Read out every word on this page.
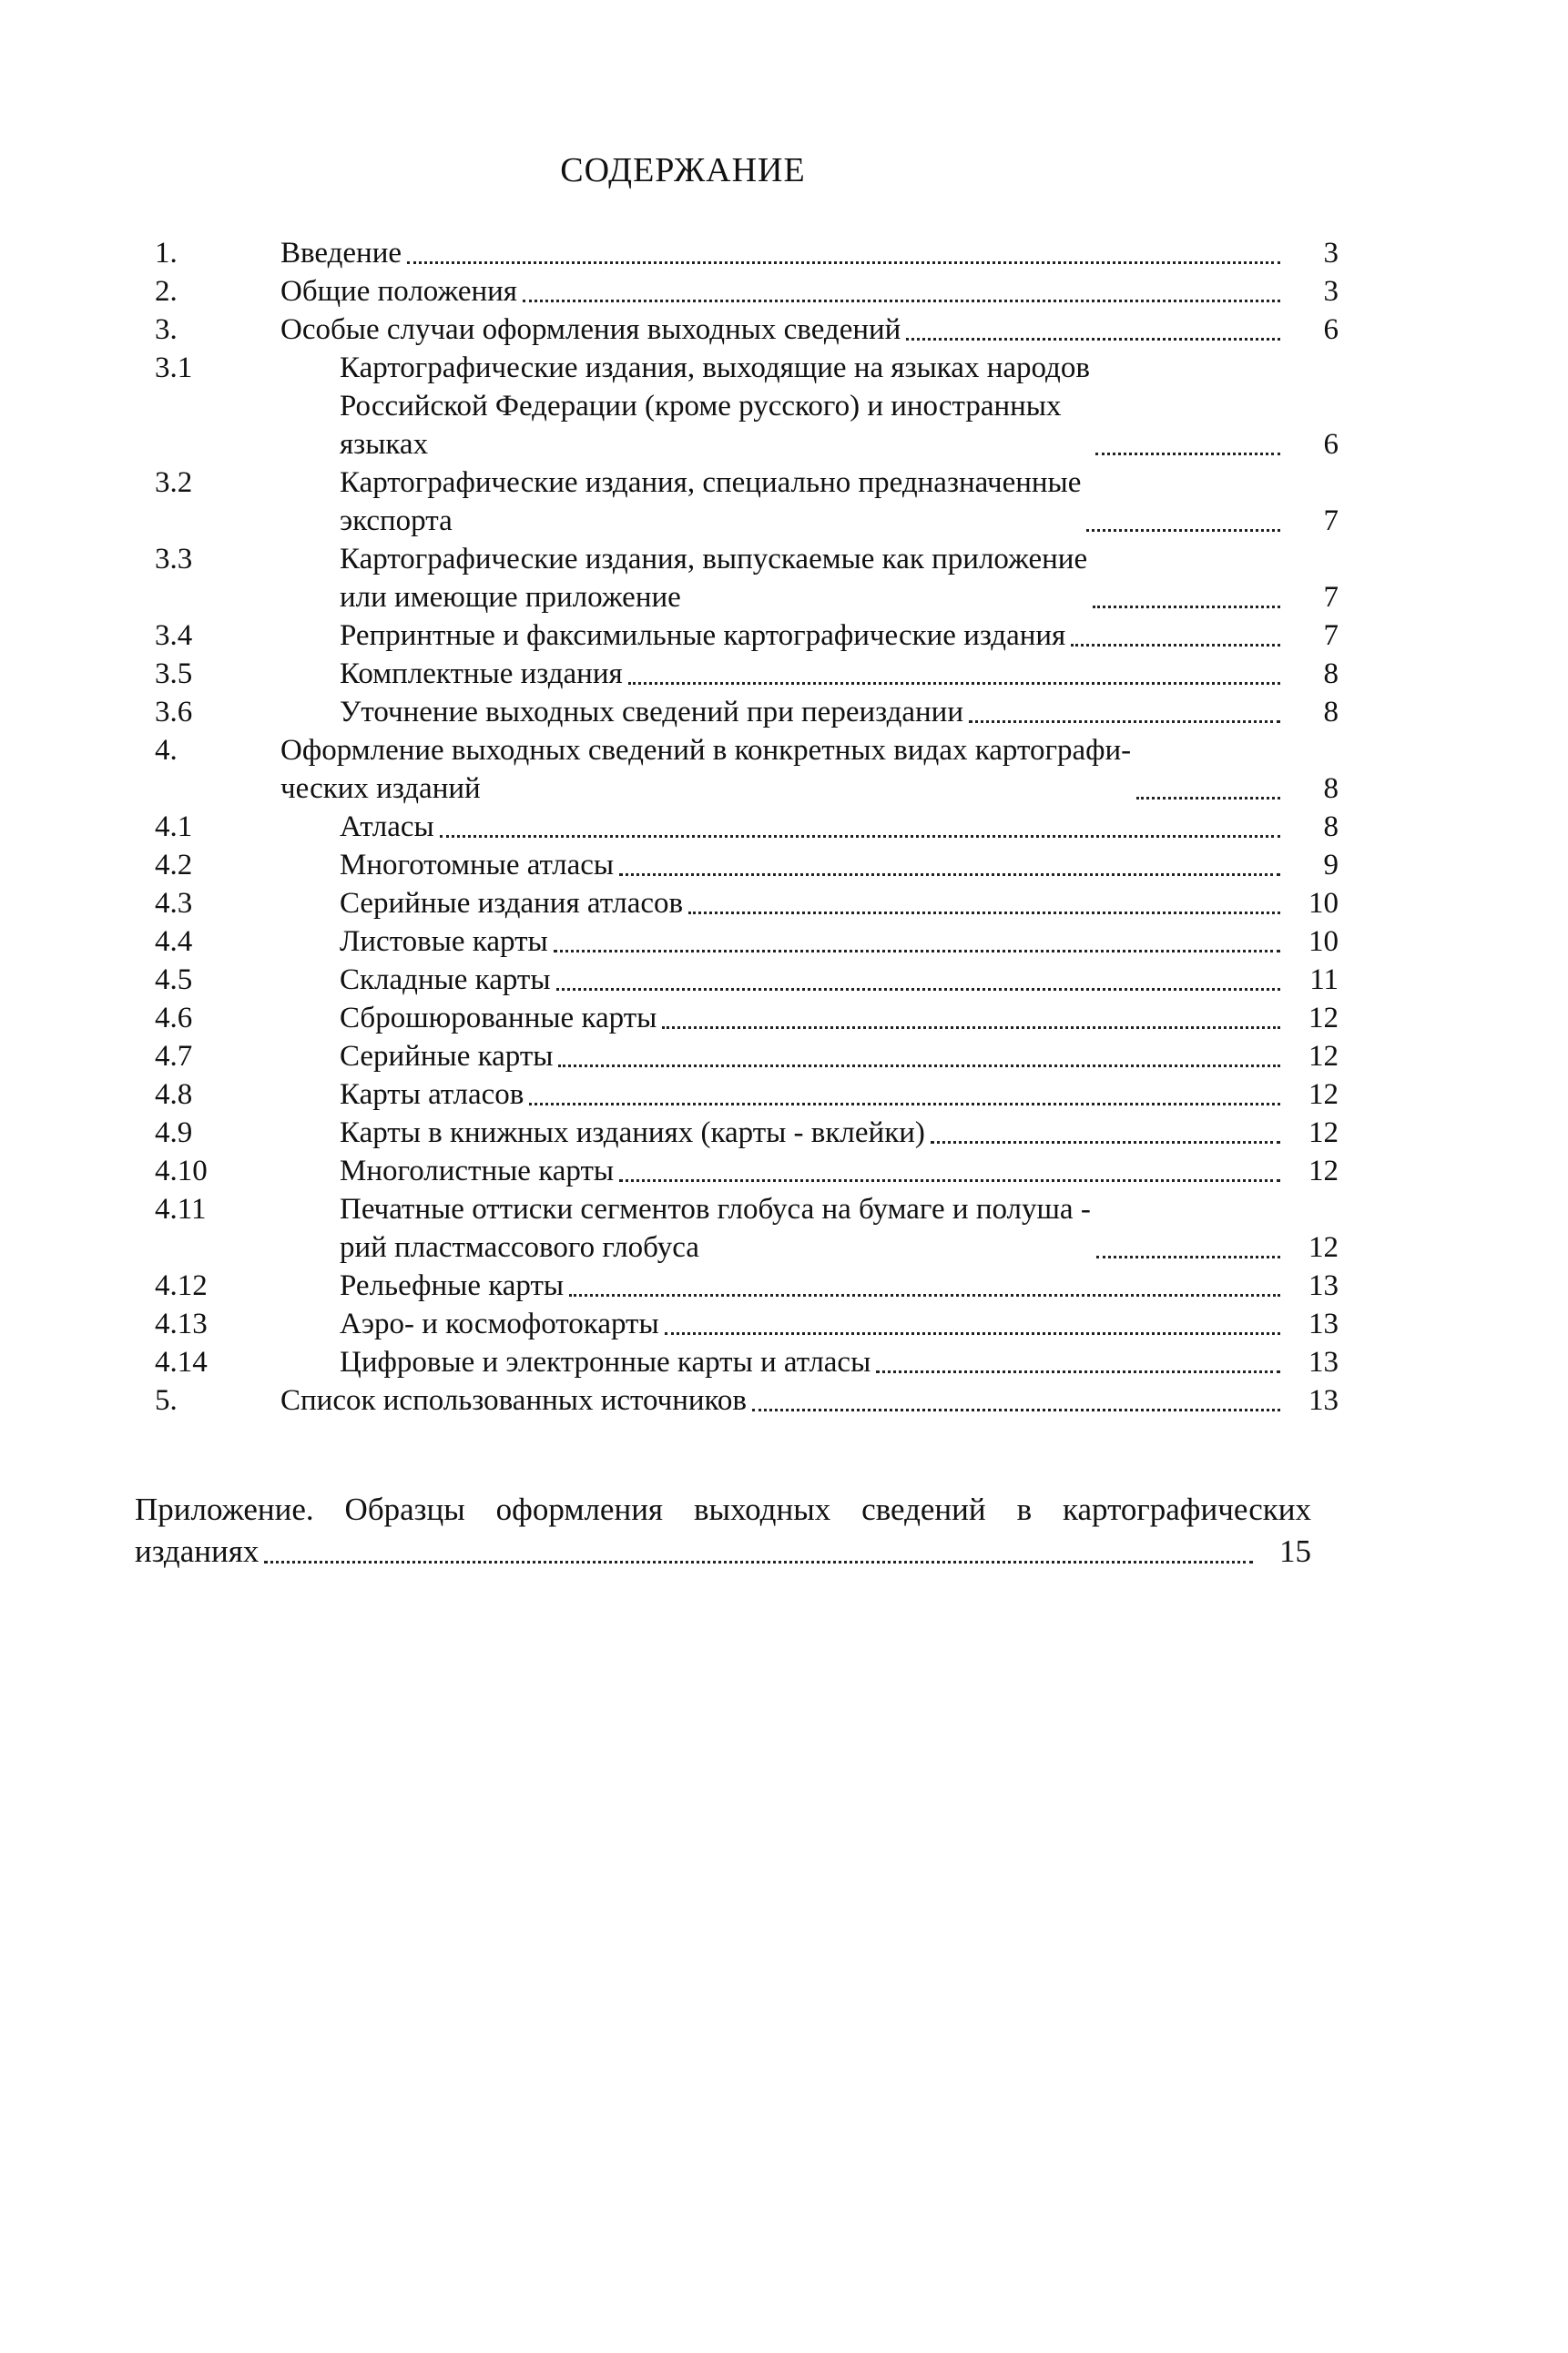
СОДЕРЖАНИЕ
1.	Введение	3
2.	Общие положения	3
3.	Особые случаи оформления выходных сведений	6
3.1	Картографические издания, выходящие на языках народов
Российской Федерации (кроме русского) и иностранных
языках	6
3.2	Картографические издания, специально предназначенные
экспорта	7
3.3	Картографические издания, выпускаемые как приложение
или имеющие приложение	7
3.4	Репринтные и факсимильные картографические издания	7
3.5	Комплектные издания	8
3.6	Уточнение выходных сведений при переиздании	8
4.	Оформление выходных сведений в конкретных видах картографи-
ческих изданий	8
4.1	Атласы	8
4.2	Многотомные атласы	9
4.3	Серийные издания атласов	10
4.4	Листовые карты	10
4.5	Складные карты	11
4.6	Сброшюрованные карты	12
4.7	Серийные карты	12
4.8	Карты атласов	12
4.9	Карты в книжных изданиях (карты - вклейки)	12
4.10	Многолистные карты	12
4.11	Печатные оттиски сегментов глобуса на бумаге и полуша -
рий пластмассового глобуса	12
4.12	Рельефные карты	13
4.13	Аэро- и космофотокарты	13
4.14	Цифровые и электронные карты и атласы	13
5.	Список использованных источников	13
Приложение. Образцы оформления выходных сведений в картографических
изданиях	15
